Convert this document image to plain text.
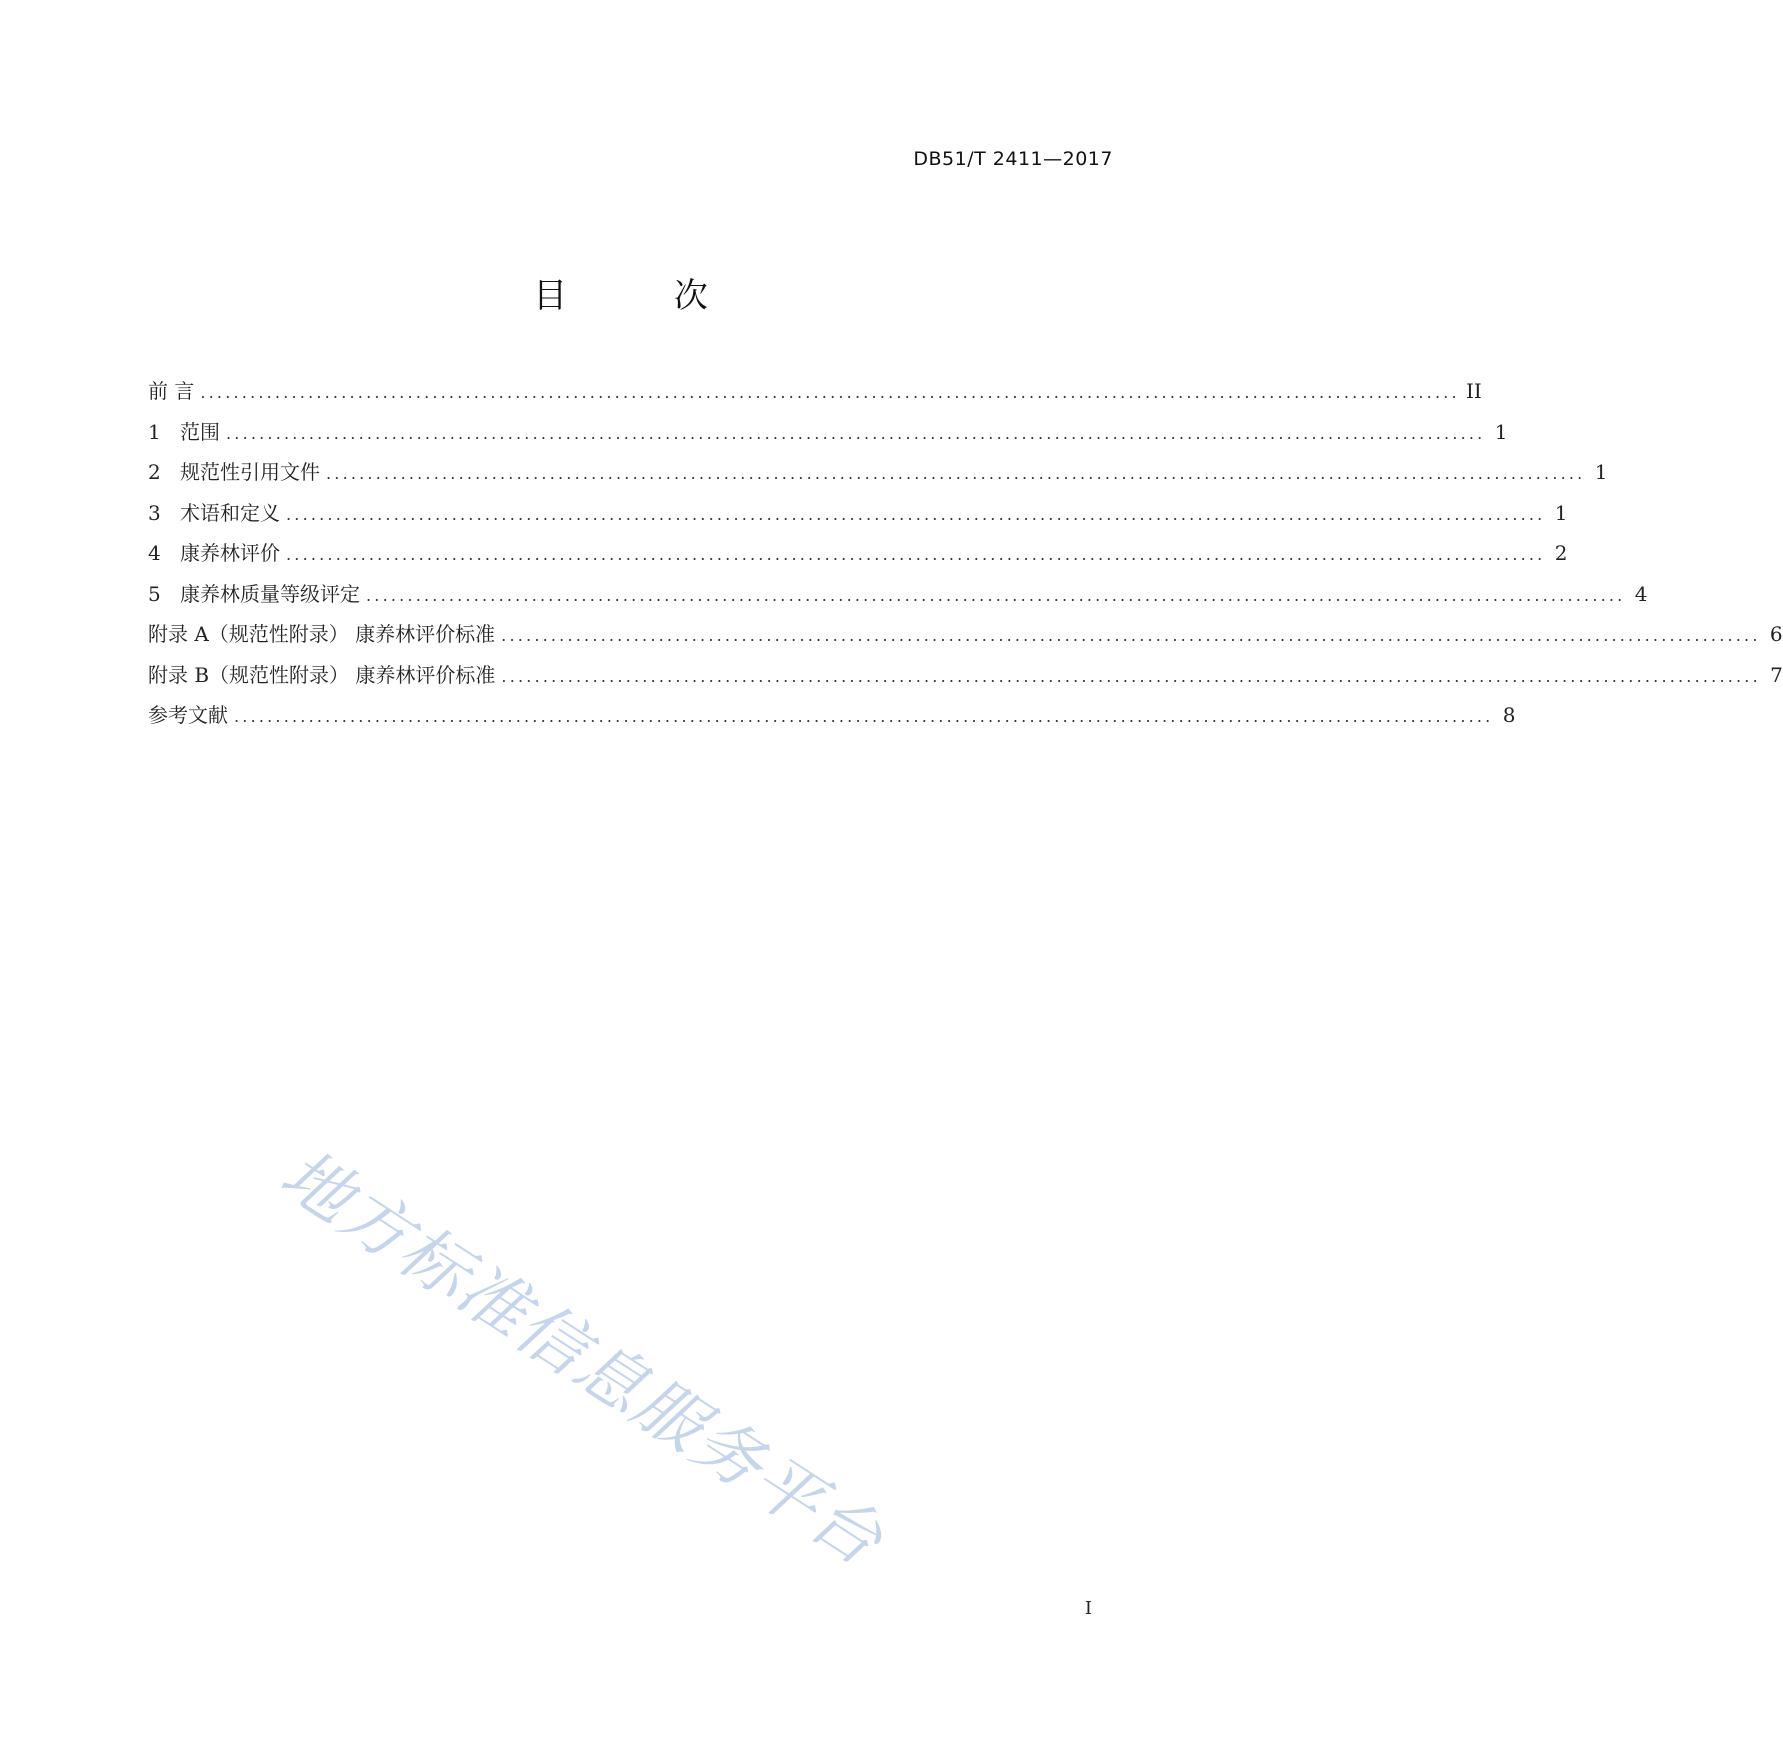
DB51/T 2411—2017
目 次
前 言 ........................................................................................................................................................ II
1 范围 ........................................................................................................................................................ 1
2 规范性引用文件 ........................................................................................................................................................ 1
3 术语和定义 ........................................................................................................................................................ 1
4 康养林评价 ........................................................................................................................................................ 2
5 康养林质量等级评定 ........................................................................................................................................................ 4
附录 A（规范性附录） 康养林评价标准 ........................................................................................................................................................ 6
附录 B（规范性附录） 康养林评价标准 ........................................................................................................................................................ 7
参考文献 ........................................................................................................................................................ 8
地方标准信息服务平台
I
